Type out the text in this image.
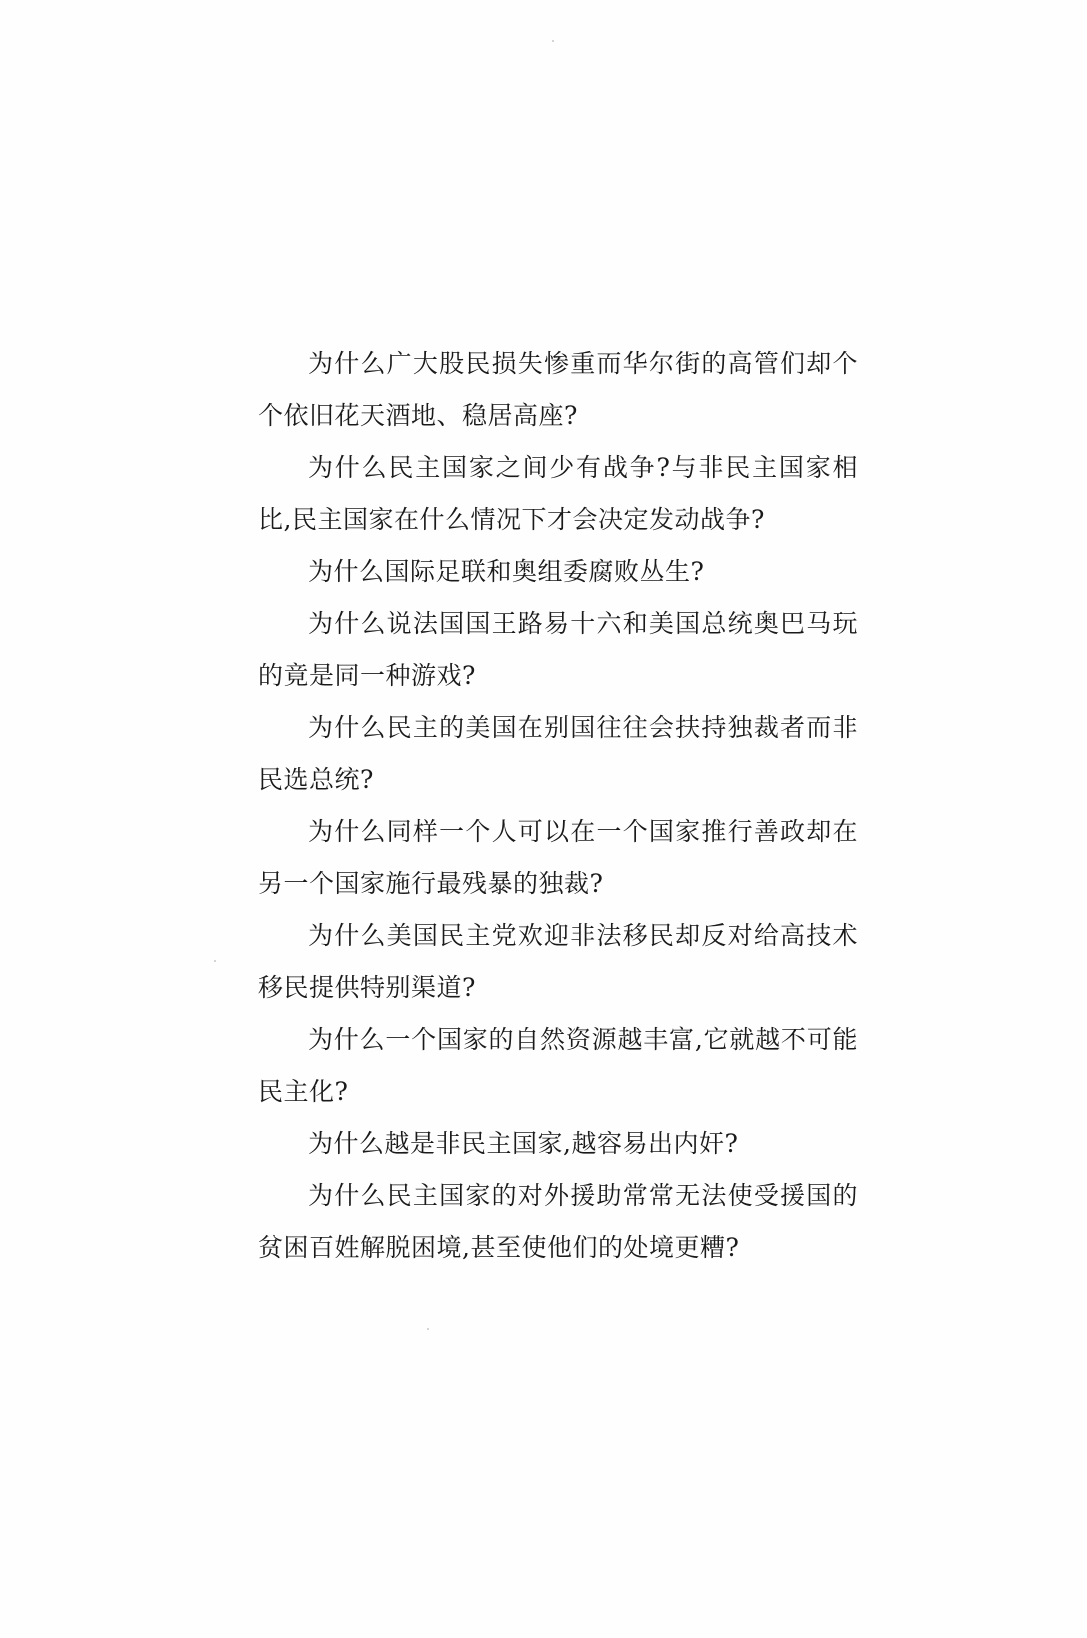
为什么广大股民损失惨重而华尔街的高管们却个个依旧花天酒地、稳居高座?

为什么民主国家之间少有战争?与非民主国家相比,民主国家在什么情况下才会决定发动战争?

为什么国际足联和奥组委腐败丛生?

为什么说法国国王路易十六和美国总统奥巴马玩的竟是同一种游戏?

为什么民主的美国在别国往往会扶持独裁者而非民选总统?

为什么同样一个人可以在一个国家推行善政却在另一个国家施行最残暴的独裁?

为什么美国民主党欢迎非法移民却反对给高技术移民提供特别渠道?

为什么一个国家的自然资源越丰富,它就越不可能民主化?

为什么越是非民主国家,越容易出内奸?

为什么民主国家的对外援助常常无法使受援国的贫困百姓解脱困境,甚至使他们的处境更糟?
